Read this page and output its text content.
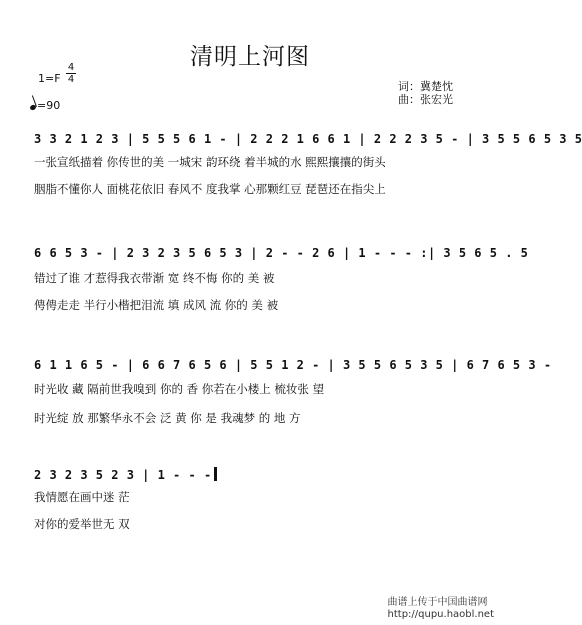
清明上河图
$1=F \frac{4}{4}$
=90
词：冀楚忱
曲：张宏光
3 3 2 1 2 3 | 5 5 5 6 1 - | 2 2 2 1 6 6 1 | 2 2 2 3 5 - | 3 5 5 6 5 3 5
一张宣纸描着 你传世的美 一城宋 韵环绕 着半城的水 熙熙攘攘的街头
胭脂不懂你人 面桃花依旧 春风不 度我掌 心那颗红豆 琵琶还在指尖上
6 6 5 3 - | 2 3 2 3 5 6 5 3 | 2 - - 2 6 | 1 - - - :| 3 5 6 5 . 5
错过了谁 才惹得我衣带渐 宽 终不悔 你的 美 被
俜俜走走 半行小楷把泪流 填 成风 流 你的 美 被
6 1 1 6 5 - | 6 6 7 6 5 6 | 5 5 1 2 - | 3 5 5 6 5 3 5 | 6 7 6 5 3 -
时光收 藏 隔前世我嗅到 你的 香 你若在小楼上 梳妆张 望
时光绽 放 那繁华永不会 泛 黄 你 是 我魂梦 的 地 方
2 3 2 3 5 2 3 | 1 - - -
我情愿在画中迷 茫
对你的爱举世无 双
曲谱上传于中国曲谱网
http://qupu.haobl.net
